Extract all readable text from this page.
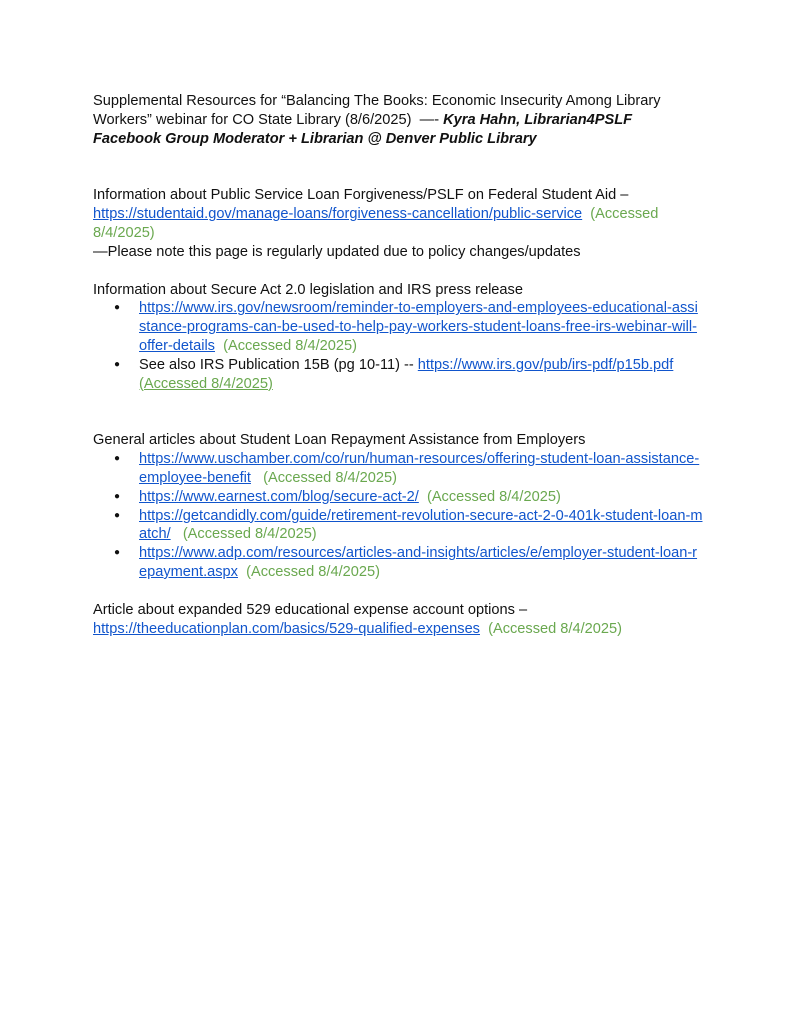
Supplemental Resources for “Balancing The Books: Economic Insecurity Among Library Workers” webinar for CO State Library (8/6/2025) —- Kyra Hahn, Librarian4PSLF Facebook Group Moderator + Librarian @ Denver Public Library

Information about Public Service Loan Forgiveness/PSLF on Federal Student Aid –

https://studentaid.gov/manage-loans/forgiveness-cancellation/public-service (Accessed 8/4/2025)

—Please note this page is regularly updated due to policy changes/updates

Information about Secure Act 2.0 legislation and IRS press release

● https://www.irs.gov/newsroom/reminder-to-employers-and-employees-educational-assistance-programs-can-be-used-to-help-pay-workers-student-loans-free-irs-webinar-will-offer-details (Accessed 8/4/2025)
● See also IRS Publication 15B (pg 10-11) -- https://www.irs.gov/pub/irs-pdf/p15b.pdf (Accessed 8/4/2025)

General articles about Student Loan Repayment Assistance from Employers

● https://www.uschamber.com/co/run/human-resources/offering-student-loan-assistance-employee-benefit (Accessed 8/4/2025)
● https://www.earnest.com/blog/secure-act-2/ (Accessed 8/4/2025)
● https://getcandidly.com/guide/retirement-revolution-secure-act-2-0-401k-student-loan-match/ (Accessed 8/4/2025)
● https://www.adp.com/resources/articles-and-insights/articles/e/employer-student-loan-repayment.aspx (Accessed 8/4/2025)

Article about expanded 529 educational expense account options –

https://theeducationplan.com/basics/529-qualified-expenses (Accessed 8/4/2025)
